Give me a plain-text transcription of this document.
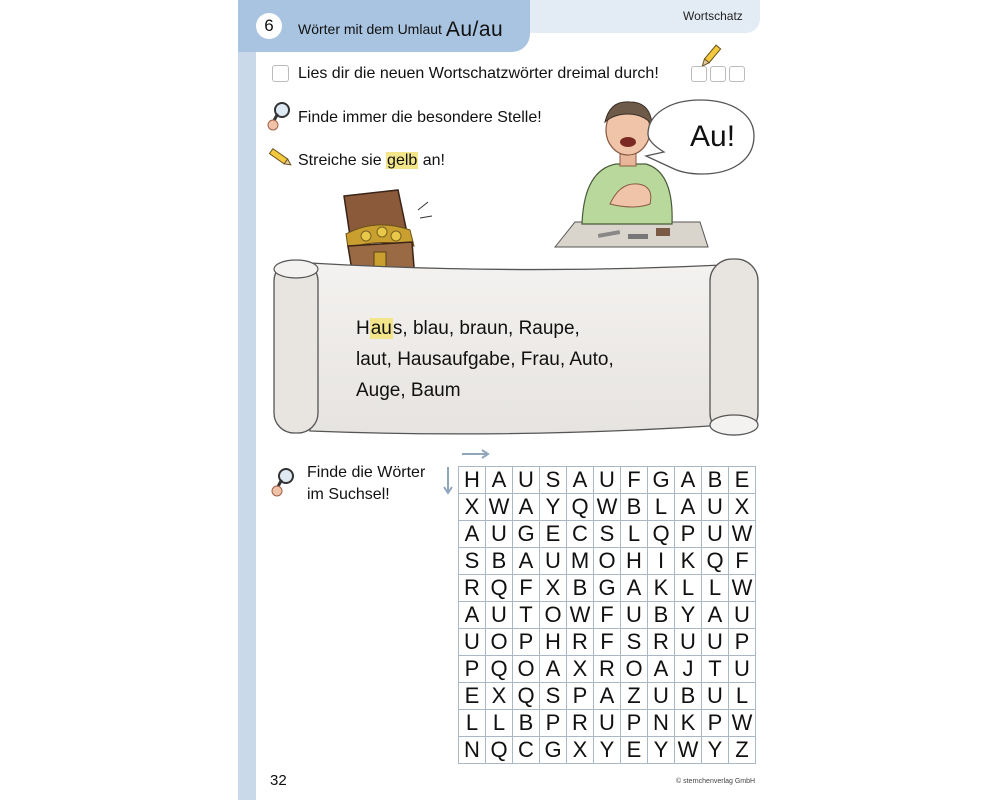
6	Wörter mit dem Umlaut Au/au
Wortschatz
Lies dir die neuen Wortschatzwörter dreimal durch!
Finde immer die besondere Stelle!
Streiche sie gelb an!
Au!
Haus, blau, braun, Raupe,
laut, Hausaufgabe, Frau, Auto,
Auge, Baum
Finde die Wörter
im Suchsel!
H A U S A U F G A B E
X W A Y Q W B L A U X
A U G E C S L Q P U W
S B A U M O H I K Q F
R Q F X B G A K L L W
A U T O W F U B Y A U
U O P H R F S R U U P
P Q O A X R O A J T U
E X Q S P A Z U B U L
L L B P R U P N K P W
N Q C G X Y E Y W Y Z
32	© sternchenverlag GmbH
